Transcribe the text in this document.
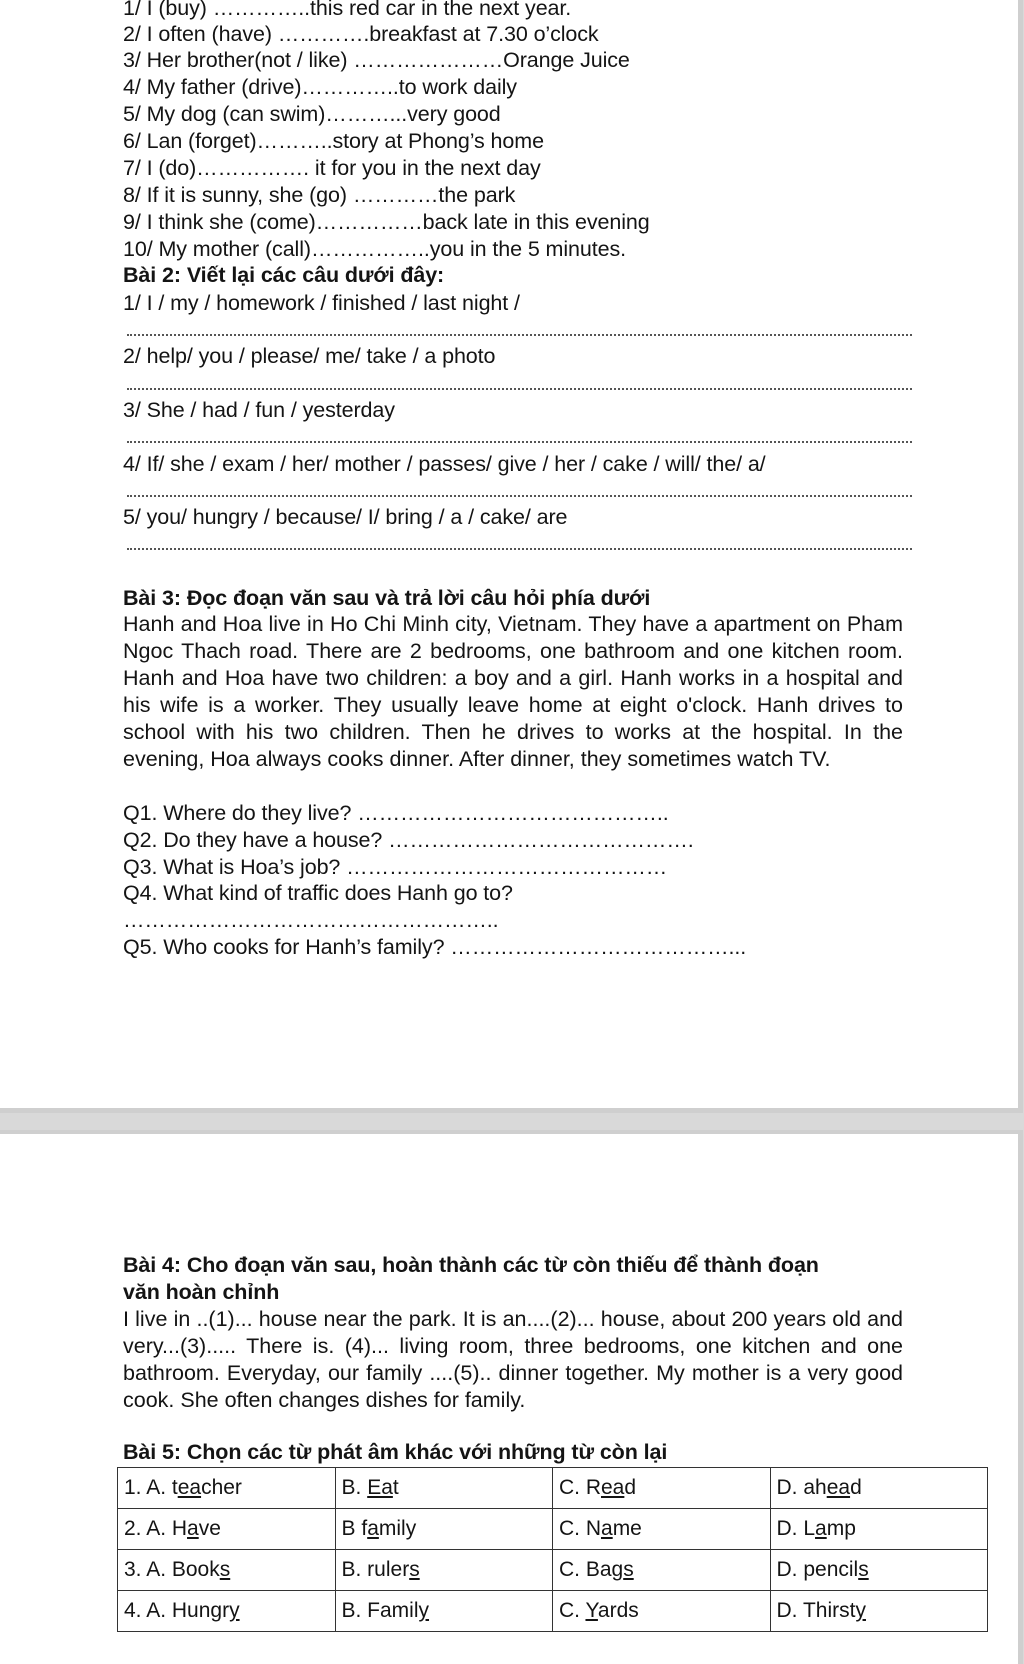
1/ I (buy) …………..this red car in the next year.
2/ I often (have) ………….breakfast at 7.30 o’clock
3/ Her brother(not / like) …………………Orange Juice
4/ My father (drive)…………..to work daily
5/ My dog (can swim)………...very good
6/ Lan (forget)………..story at Phong’s home
7/ I (do)……………. it for you in the next day
8/ If it is sunny, she (go) …………the park
9/ I think she (come)……………back late in this evening
10/ My mother (call)……………..you in the 5 minutes.
Bài 2: Viết lại các câu dưới đây:
1/ I / my / homework / finished / last night /
2/ help/ you / please/ me/ take / a photo
3/ She / had / fun / yesterday
4/ If/ she / exam / her/ mother / passes/ give / her / cake / will/ the/ a/
5/ you/ hungry / because/ I/ bring / a / cake/ are
Bài 3: Đọc đoạn văn sau và trả lời câu hỏi phía dưới
Hanh and Hoa live in Ho Chi Minh city, Vietnam. They have a apartment on Pham Ngoc Thach road. There are 2 bedrooms, one bathroom and one kitchen room. Hanh and Hoa have two children: a boy and a girl. Hanh works in a hospital and his wife is a worker. They usually leave home at eight o'clock. Hanh drives to school with his two children. Then he drives to works at the hospital. In the evening, Hoa always cooks dinner. After dinner, they sometimes watch TV.
Q1. Where do they live? ……………………………………..
Q2. Do they have a house? …………………………………….
Q3. What is Hoa’s job? ………………………………………
Q4. What kind of traffic does Hanh go to?
……………………………………………..
Q5. Who cooks for Hanh’s family? …………………………………...
Bài 4: Cho đoạn văn sau, hoàn thành các từ còn thiếu để thành đoạn
văn hoàn chỉnh
I live in ..(1)... house near the park. It is an....(2)... house, about 200 years old and very...(3)..... There is. (4)... living room, three bedrooms, one kitchen and one bathroom. Everyday, our family ....(5).. dinner together. My mother is a very good cook. She often changes dishes for family.
Bài 5: Chọn các từ phát âm khác với những từ còn lại
1. A. teacher	B. Eat	C. Read	D. ahead
2. A. Have	B family	C. Name	D. Lamp
3. A. Books	B. rulers	C. Bags	D. pencils
4. A. Hungry	B. Family	C. Yards	D. Thirsty
